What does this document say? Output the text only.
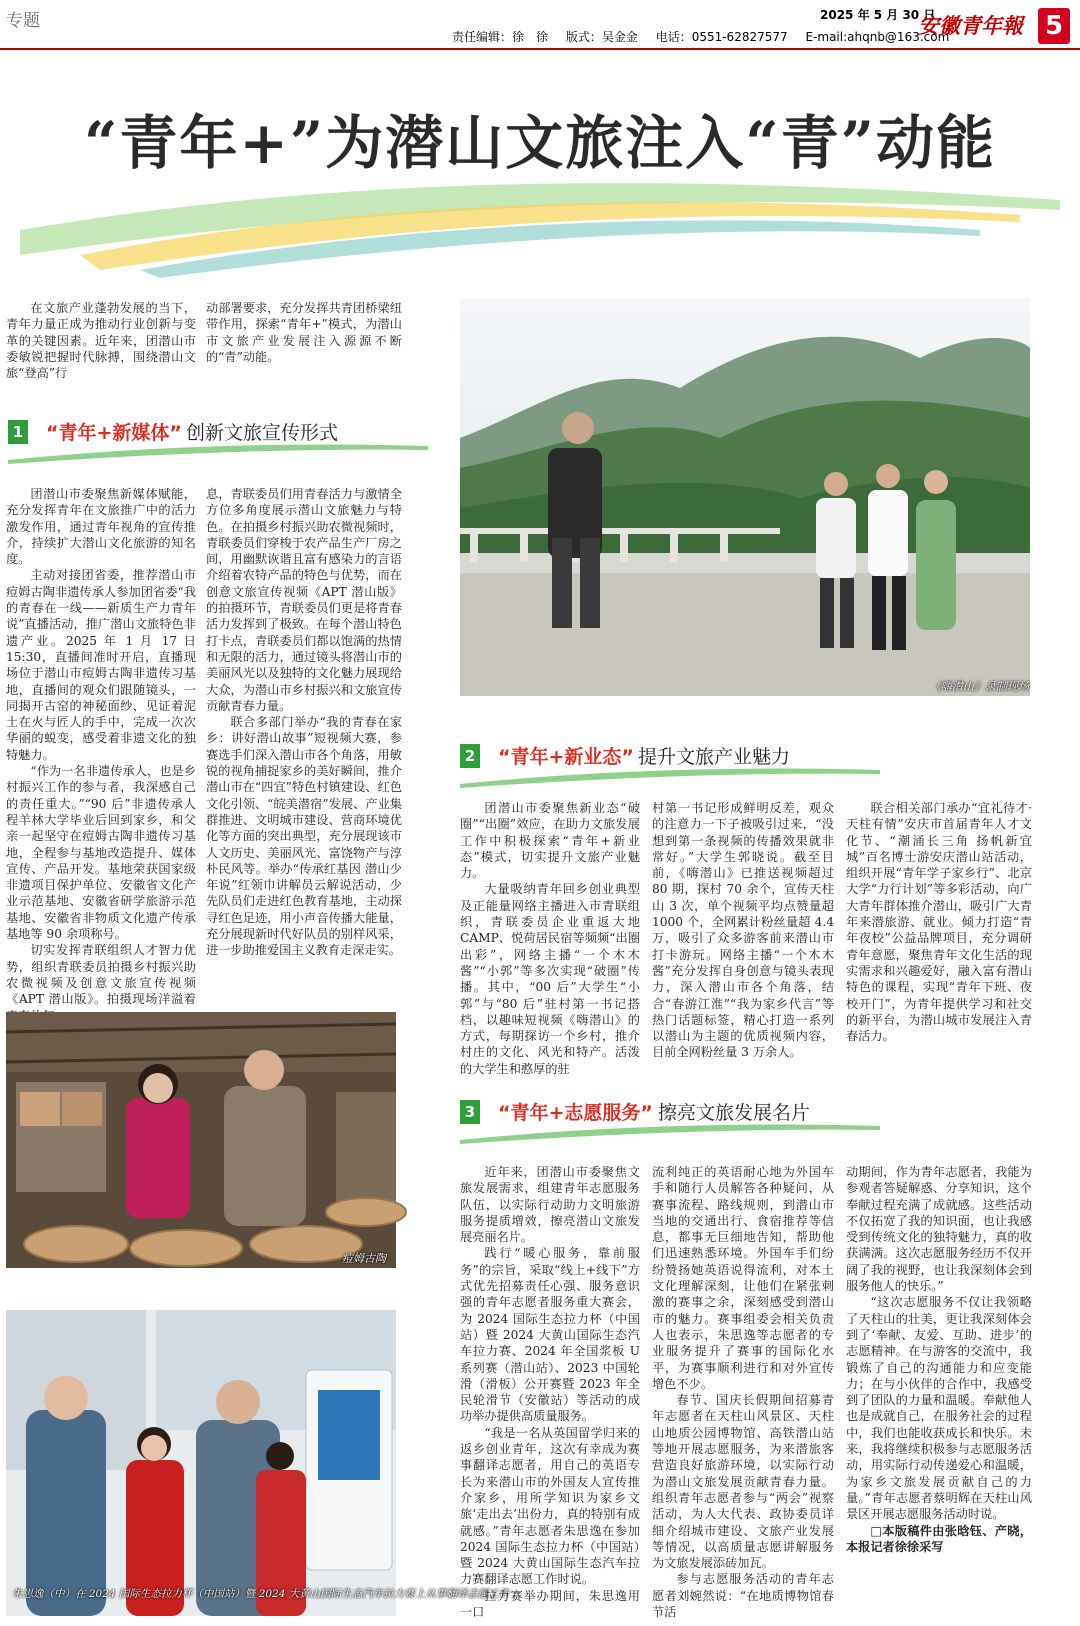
专题	2025 年 5 月 30 日
责任编辑：徐　徐 版式：吴金金 电话：0551-62827577 E-mail:ahqnb@163.com
安徽青年報 5
“青年+”为潜山文旅注入“青”动能

在文旅产业蓬勃发展的当下，青年力量正成为推动行业创新与变革的关键因素。近年来，团潜山市委敏锐把握时代脉搏，围绕潜山文旅“登高”行

动部署要求，充分发挥共青团桥梁纽带作用，探索“青年+”模式，为潜山市文旅产业发展注入源源不断的“青”动能。

1 “青年+新媒体” 创新文旅宣传形式

团潜山市委聚焦新媒体赋能，充分发挥青年在文旅推广中的活力激发作用，通过青年视角的宣传推介，持续扩大潜山文化旅游的知名度。

主动对接团省委，推荐潜山市痘姆古陶非遗传承人参加团省委“我的青春在一线——新质生产力青年说”直播活动，推广潜山文旅特色非遗产业。2025 年 1 月 17 日 15:30，直播间准时开启，直播现场位于潜山市痘姆古陶非遗传习基地，直播间的观众们跟随镜头，一同揭开古窑的神秘面纱，见证着泥土在火与匠人的手中，完成一次次华丽的蜕变，感受着非遗文化的独特魅力。

“作为一名非遗传承人，也是乡村振兴工作的参与者，我深感自己的责任重大。”“90 后”非遗传承人程羊林大学毕业后回到家乡，和父亲一起坚守在痘姆古陶非遗传习基地，全程参与基地改造提升、媒体宣传、产品开发。基地荣获国家级非遗项目保护单位、安徽省文化产业示范基地、安徽省研学旅游示范基地、安徽省非物质文化遗产传承基地等 90 余项称号。

切实发挥青联组织人才智力优势，组织青联委员拍摄乡村振兴助农微视频及创意文旅宣传视频《APT 潜山版》。拍摄现场洋溢着

息，青联委员们用青春活力与激情全方位多角度展示潜山文旅魅力与特色。在拍摄乡村振兴助农微视频时，青联委员们穿梭于农产品生产厂房之间，用幽默诙谐且富有感染力的言语介绍着农特产品的特色与优势，而在创意文旅宣传视频《APT 潜山版》的拍摄环节，青联委员们更是将青春活力发挥到了极致。在每个潜山特色打卡点，青联委员们都以饱满的热情和无限的活力，通过镜头将潜山市的美丽风光以及独特的文化魅力展现给大众，为潜山市乡村振兴和文旅宣传贡献青春力量。

联合多部门举办“我的青春在家乡：讲好潜山故事”短视频大赛，参赛选手们深入潜山市各个角落，用敏锐的视角捕捉家乡的美好瞬间，推介潜山市在“四宜”特色村镇建设、红色文化引领、“皖美潜宿”发展、产业集群推进、文明城市建设、营商环境优化等方面的突出典型，充分展现该市人文历史、美丽风光、富饶物产与淳朴民风等。举办“传承红基因 潜山少年说”红领巾讲解员云解说活动，少先队员们走进红色教育基地，主动探寻红色足迹，用小声音传播大能量，充分展现新时代好队员的别样风采，进一步助推爱国主义教育走深走实。

《嗨潜山》录制现场
2 “青年+新业态” 提升文旅产业魅力

团潜山市委聚焦新业态“破圈”“出圈”效应，在助力文旅发展工作中积极探索“青年+新业态”模式，切实提升文旅产业魅力。

大量吸纳青年回乡创业典型及正能量网络主播进入市青联组织，青联委员企业重返大地 CAMP、悦荷居民宿等频频“出圈出彩”，网络主播“一个木木酱”“小郭”等多次实现“破圈”传播。其中，“00 后”大学生“小郭”与“80 后”驻村第一书记搭档，以趣味短视频《嗨潜山》的方式，每期探访一个乡村，推介村庄的文化、风光和特产。活泼的大学生和憨厚的驻

村第一书记形成鲜明反差，观众的注意力一下子被吸引过来，“没想到第一条视频的传播效果就非常好。”大学生郭晓说。截至目前，《嗨潜山》已推送视频超过 80 期，探村 70 余个，宣传天柱山 3 次，单个视频平均点赞量超 1000 个，全网累计粉丝量超 4.4 万，吸引了众多游客前来潜山市打卡游玩。网络主播“一个木木酱”充分发挥自身创意与镜头表现力，深入潜山市各个角落，结合“春游江淮”“我为家乡代言”等热门话题标签，精心打造一系列以潜山为主题的优质视频内容，目前全网粉丝量 3 万余人。

联合相关部门承办“宜礼待才·天柱有情”安庆市首届青年人才文化节、“潮涌长三角 扬帆新宜城”百名博士游安庆潜山站活动，组织开展“青年学子家乡行”、北京大学“力行计划”等多彩活动，向广大青年群体推介潜山，吸引广大青年来潜旅游、就业。倾力打造“青年夜校”公益品牌项目，充分调研青年意愿，聚焦青年文化生活的现实需求和兴趣爱好，融入富有潜山特色的课程，实现“青年下班、夜校开门”，为青年提供学习和社交的新平台，为潜山城市发展注入青春活力。

痘姆古陶
朱思逸（中）在 2024 国际生态拉力杯（中国站）暨 2024 大黄山国际生态汽车拉力赛上从事翻译志愿工作
3 “青年+志愿服务” 擦亮文旅发展名片

近年来，团潜山市委聚焦文旅发展需求，组建青年志愿服务队伍，以实际行动助力文明旅游服务提质增效，擦亮潜山文旅发展亮丽名片。

践行“暖心服务，靠前服务”的宗旨，采取“线上+线下”方式优先招募责任心强、服务意识强的青年志愿者服务重大赛会，为 2024 国际生态拉力杯（中国站）暨 2024 大黄山国际生态汽车拉力赛、2024 年全国浆板 U 系列赛（潜山站）、2023 中国轮滑（滑板）公开赛暨 2023 年全民轮滑节（安徽站）等活动的成功举办提供高质量服务。

“我是一名从英国留学归来的返乡创业青年，这次有幸成为赛事翻译志愿者，用自己的英语专长为来潜山市的外国友人宣传推介家乡，用所学知识为家乡文旅‘走出去’出份力，真的特别有成就感。”青年志愿者朱思逸在参加 2024 国际生态拉力杯（中国站）暨 2024 大黄山国际生态汽车拉力赛翻译志愿工作时说。

拉力赛举办期间，朱思逸用一口

流利纯正的英语耐心地为外国车手和随行人员解答各种疑问，从赛事流程、路线规则，到潜山市当地的交通出行、食宿推荐等信息，都事无巨细地告知，帮助他们迅速熟悉环境。外国车手们纷纷赞扬她英语说得流利，对本土文化理解深刻，让他们在紧张刺激的赛事之余，深刻感受到潜山市的魅力。赛事组委会相关负责人也表示，朱思逸等志愿者的专业服务提升了赛事的国际化水平，为赛事顺利进行和对外宣传增色不少。

春节、国庆长假期间招募青年志愿者在天柱山风景区、天柱山地质公园博物馆、高铁潜山站等地开展志愿服务，为来潜旅客营造良好旅游环境，以实际行动为潜山文旅发展贡献青春力量。组织青年志愿者参与“两会”视察活动，为人大代表、政协委员详细介绍城市建设、文旅产业发展等情况，以高质量志愿讲解服务为文旅发展添砖加瓦。

参与志愿服务活动的青年志愿者刘婉然说：“在地质博物馆春节活

动期间，作为青年志愿者，我能为参观者答疑解惑、分享知识，这个奉献过程充满了成就感。这些活动不仅拓宽了我的知识面，也让我感受到传统文化的独特魅力，真的收获满满。这次志愿服务经历不仅开阔了我的视野，也让我深刻体会到服务他人的快乐。”

“这次志愿服务不仅让我领略了天柱山的壮美，更让我深刻体会到了‘奉献、友爱、互助、进步’的志愿精神。在与游客的交流中，我锻炼了自己的沟通能力和应变能力；在与小伙伴的合作中，我感受到了团队的力量和温暖。奉献他人也是成就自己，在服务社会的过程中，我们也能收获成长和快乐。未来，我将继续积极参与志愿服务活动，用实际行动传递爱心和温暖，为家乡文旅发展贡献自己的力量。”青年志愿者蔡明辉在天柱山风景区开展志愿服务活动时说。

□本版稿件由张晗钰、产晓，本报记者徐徐采写
